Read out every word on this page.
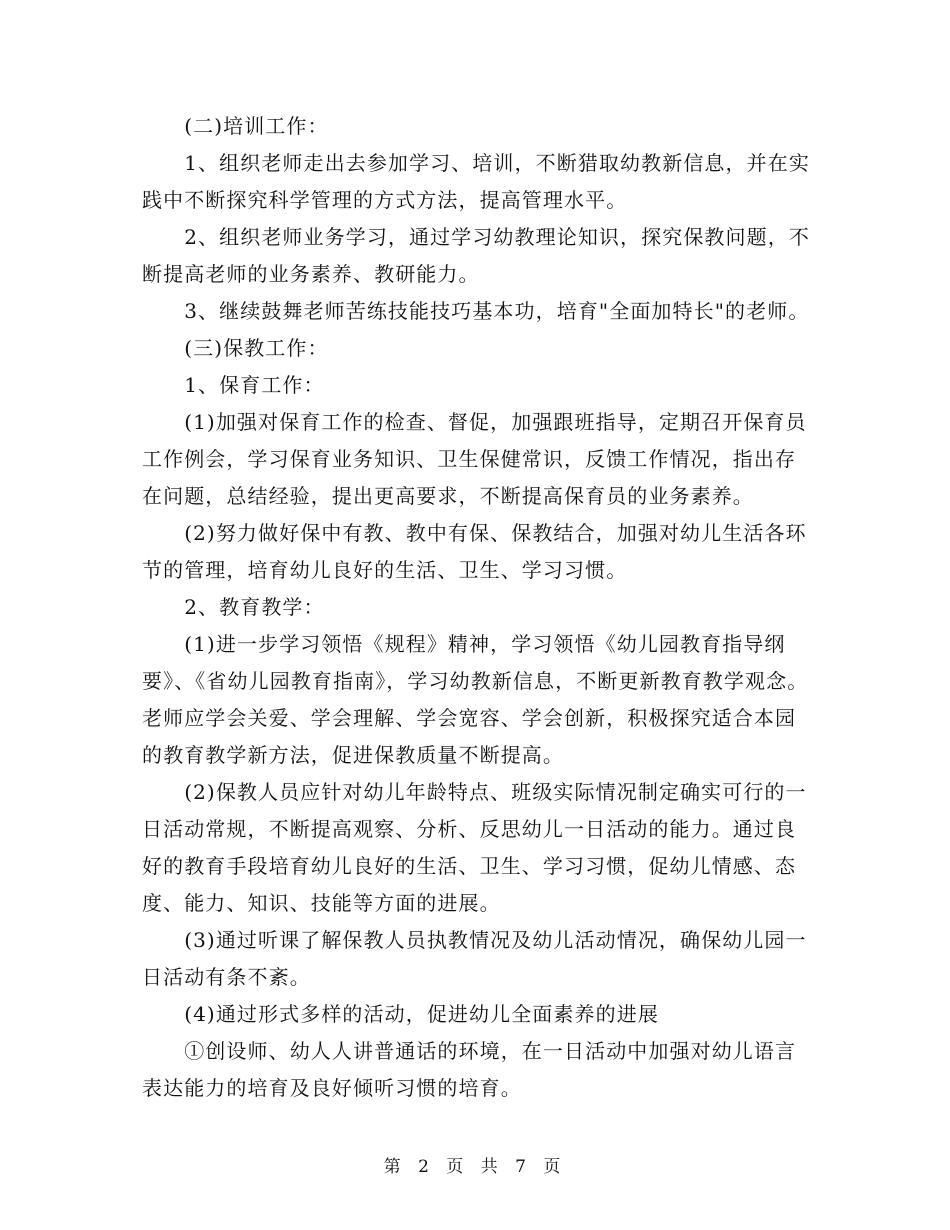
　　(二)培训工作：

　　1、组织老师走出去参加学习、培训，不断猎取幼教新信息，并在实践中不断探究科学管理的方式方法，提高管理水平。

　　2、组织老师业务学习，通过学习幼教理论知识，探究保教问题，不断提高老师的业务素养、教研能力。

　　3、继续鼓舞老师苦练技能技巧基本功，培育"全面加特长"的老师。

　　(三)保教工作：

　　1、保育工作：

　　(1)加强对保育工作的检查、督促，加强跟班指导，定期召开保育员工作例会，学习保育业务知识、卫生保健常识，反馈工作情况，指出存在问题，总结经验，提出更高要求，不断提高保育员的业务素养。

　　(2)努力做好保中有教、教中有保、保教结合，加强对幼儿生活各环节的管理，培育幼儿良好的生活、卫生、学习习惯。

　　2、教育教学：

　　(1)进一步学习领悟《规程》精神，学习领悟《幼儿园教育指导纲要》、《省幼儿园教育指南》，学习幼教新信息，不断更新教育教学观念。老师应学会关爱、学会理解、学会宽容、学会创新，积极探究适合本园的教育教学新方法，促进保教质量不断提高。

　　(2)保教人员应针对幼儿年龄特点、班级实际情况制定确实可行的一日活动常规，不断提高观察、分析、反思幼儿一日活动的能力。通过良好的教育手段培育幼儿良好的生活、卫生、学习习惯，促幼儿情感、态度、能力、知识、技能等方面的进展。

　　(3)通过听课了解保教人员执教情况及幼儿活动情况，确保幼儿园一日活动有条不紊。

　　(4)通过形式多样的活动，促进幼儿全面素养的进展

　　①创设师、幼人人讲普通话的环境，在一日活动中加强对幼儿语言表达能力的培育及良好倾听习惯的培育。

第 2 页 共 7 页
